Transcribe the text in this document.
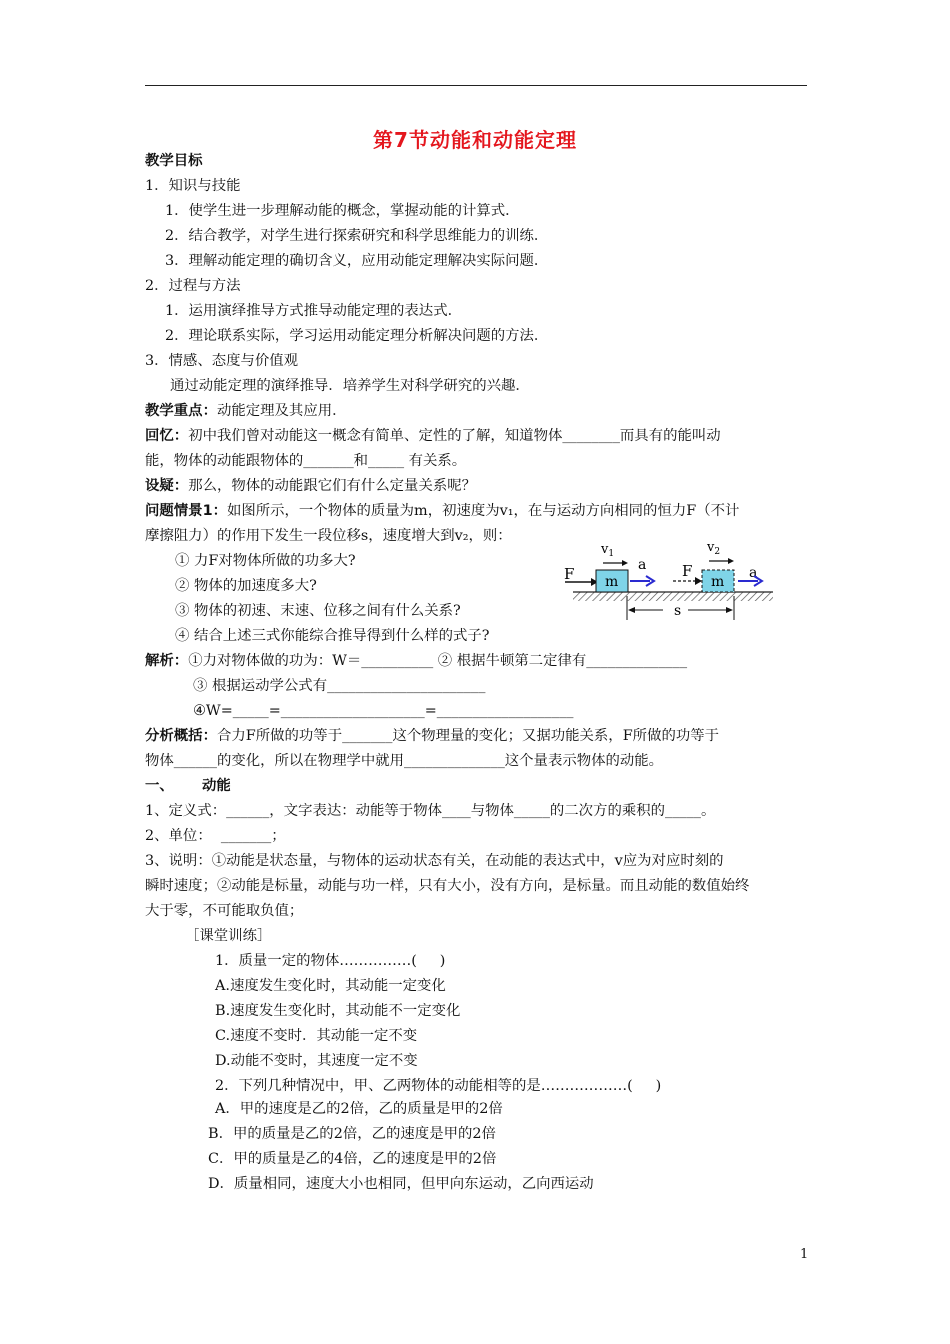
第7节动能和动能定理
教学目标
1．知识与技能
1．使学生进一步理解动能的概念，掌握动能的计算式．
2．结合教学，对学生进行探索研究和科学思维能力的训练．
3．理解动能定理的确切含义，应用动能定理解决实际问题．
2．过程与方法
1．运用演绎推导方式推导动能定理的表达式．
2．理论联系实际，学习运用动能定理分析解决问题的方法．
3．情感、态度与价值观
通过动能定理的演绎推导．培养学生对科学研究的兴趣．
教学重点：动能定理及其应用．
回忆：初中我们曾对动能这一概念有简单、定性的了解，知道物体________而具有的能叫动
能，物体的动能跟物体的_______和_____ 有关系。
设疑：那么，物体的动能跟它们有什么定量关系呢？
问题情景1：如图所示，一个物体的质量为m，初速度为v₁，在与运动方向相同的恒力F（不计
摩擦阻力）的作用下发生一段位移s，速度增大到v₂，则：
① 力F对物体所做的功多大?
② 物体的加速度多大?
③ 物体的初速、末速、位移之间有什么关系?
④ 结合上述三式你能综合推导得到什么样的式子?
F m
$v_1$
a F
m
$v_2$
a
s
解析：①力对物体做的功为：W＝__________ ② 根据牛顿第二定律有______________
③ 根据运动学公式有______________________
④W=_____=____________________=___________________
分析概括：合力F所做的功等于_______这个物理量的变化；又据功能关系，F所做的功等于
物体______的变化，所以在物理学中就用______________这个量表示物体的动能。
一、 动能
1、定义式：______，文字表达：动能等于物体____与物体_____的二次方的乘积的_____。
2、单位：  _______；
3、说明：①动能是状态量，与物体的运动状态有关，在动能的表达式中，v应为对应时刻的
瞬时速度；②动能是标量，动能与功一样，只有大小，没有方向，是标量。而且动能的数值始终
大于零，不可能取负值；
［课堂训练］
1．质量一定的物体……………(     )
A.速度发生变化时，其动能一定变化
B.速度发生变化时，其动能不一定变化
C.速度不变时．其动能一定不变
D.动能不变时，其速度一定不变
2．下列几种情况中，甲、乙两物体的动能相等的是………………(     )
A．甲的速度是乙的2倍，乙的质量是甲的2倍
B．甲的质量是乙的2倍，乙的速度是甲的2倍
C．甲的质量是乙的4倍，乙的速度是甲的2倍
D．质量相同，速度大小也相同，但甲向东运动，乙向西运动
1
